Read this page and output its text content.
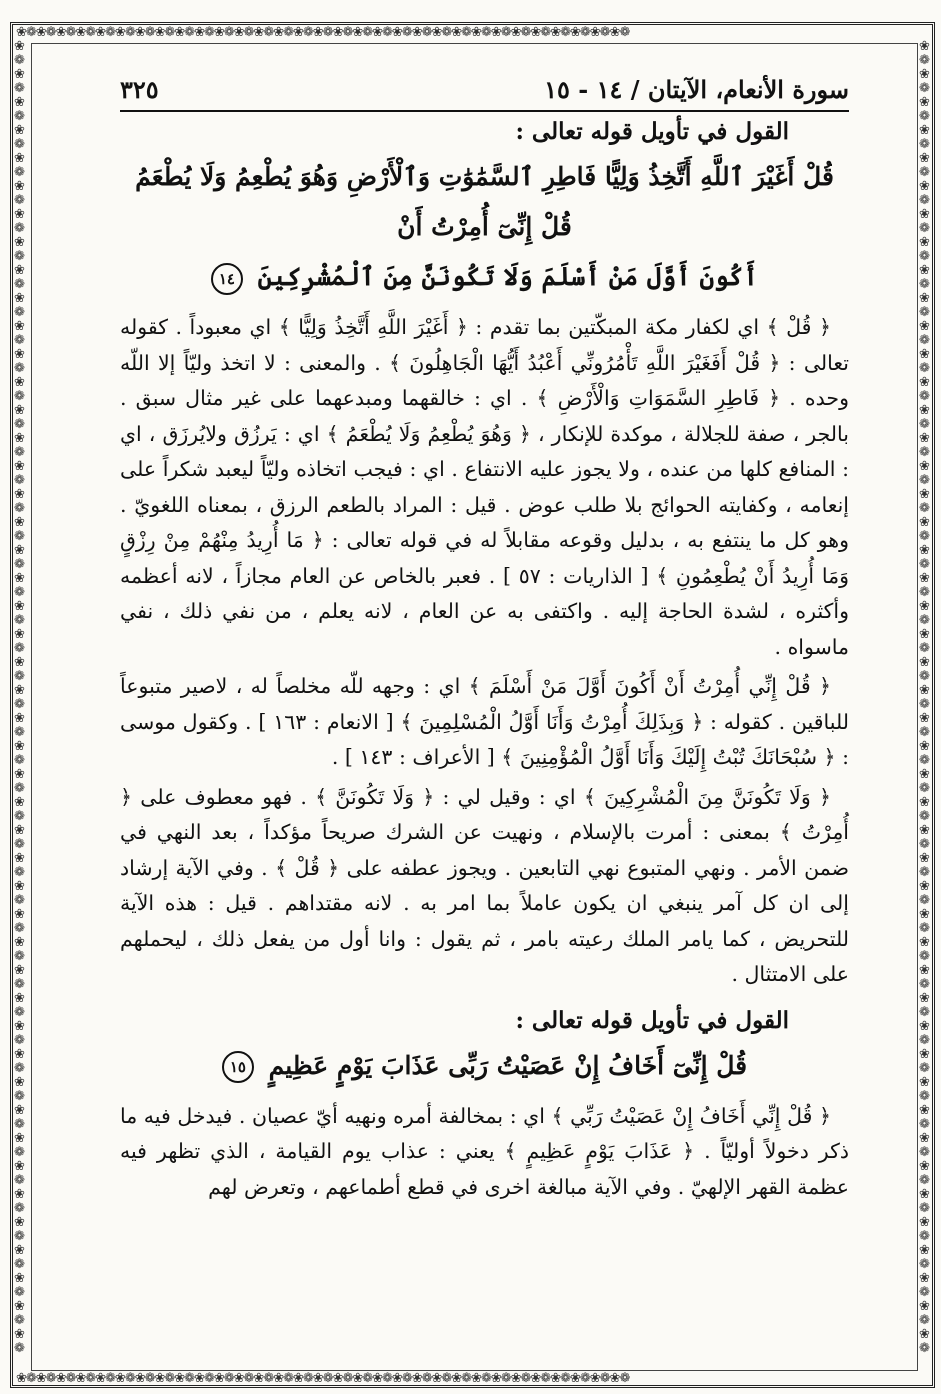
❀❁❀❁❀❁❀❁❀❁❀❁❀❁❀❁❀❁❀❁❀❁❀❁❀❁❀❁❀❁❀❁❀❁❀❁❀❁❀❁❀❁❀❁❀❁❀❁❀❁❀❁❀❁❀❁❀❁❀❁❀❁
❀❁❀❁❀❁❀❁❀❁❀❁❀❁❀❁❀❁❀❁❀❁❀❁❀❁❀❁❀❁❀❁❀❁❀❁❀❁❀❁❀❁❀❁❀❁❀❁❀❁❀❁❀❁❀❁❀❁❀❁❀❁
❀❁❀❁❀❁❀❁❀❁❀❁❀❁❀❁❀❁❀❁❀❁❀❁❀❁❀❁❀❁❀❁❀❁❀❁❀❁❀❁❀❁❀❁❀❁❀❁❀❁❀❁❀❁❀❁❀❁❀❁❀❁❀❁❀❁❀❁❀❁❀❁❀❁❀❁❀❁❀❁❀❁❀❁❀❁❀❁❀❁❀❁❀❁
❀❁❀❁❀❁❀❁❀❁❀❁❀❁❀❁❀❁❀❁❀❁❀❁❀❁❀❁❀❁❀❁❀❁❀❁❀❁❀❁❀❁❀❁❀❁❀❁❀❁❀❁❀❁❀❁❀❁❀❁❀❁❀❁❀❁❀❁❀❁❀❁❀❁❀❁❀❁❀❁❀❁❀❁❀❁❀❁❀❁❀❁❀❁
سورة الأنعام، الآيتان / ١٤ - ١٥
٣٢٥

القول في تأويل قوله تعالى :

قُلْ أَغَيْرَ ٱللَّهِ أَتَّخِذُ وَلِيًّا فَاطِرِ ٱلسَّمَٰوَٰتِ وَٱلْأَرْضِ وَهُوَ يُطْعِمُ وَلَا يُطْعَمُ قُلْ إِنِّىٓ أُمِرْتُ أَنْ

أَكُونَ أَوَّلَ مَنْ أَسْلَمَ وَلَا تَكُونَنَّ مِنَ ٱلْمُشْرِكِينَ ١٤

﴿ قُلْ ﴾ اي لكفار مكة المبكّتين بما تقدم : ﴿ أَغَيْرَ اللَّهِ أَتَّخِذُ وَلِيًّا ﴾ اي معبوداً . كقوله تعالى : ﴿ قُلْ أَفَغَيْرَ اللَّهِ تَأْمُرُونِّي أَعْبُدُ أَيُّهَا الْجَاهِلُونَ ﴾ . والمعنى : لا اتخذ وليّاً إلا اللّه وحده . ﴿ فَاطِرِ السَّمَوَاتِ وَالْأَرْضِ ﴾ . اي : خالقهما ومبدعهما على غير مثال سبق . بالجر ، صفة للجلالة ، موكدة للإنكار ، ﴿ وَهُوَ يُطْعِمُ وَلَا يُطْعَمُ ﴾ اي : يَرزُق ولايُرزَق ، اي : المنافع كلها من عنده ، ولا يجوز عليه الانتفاع . اي : فيجب اتخاذه وليّاً ليعبد شكراً على إنعامه ، وكفايته الحوائج بلا طلب عوض . قيل : المراد بالطعم الرزق ، بمعناه اللغويّ . وهو كل ما ينتفع به ، بدليل وقوعه مقابلاً له في قوله تعالى : ﴿ مَا أُرِيدُ مِنْهُمْ مِنْ رِزْقٍ وَمَا أُرِيدُ أَنْ يُطْعِمُونِ ﴾ [ الذاريات : ٥٧ ] . فعبر بالخاص عن العام مجازاً ، لانه أعظمه وأكثره ، لشدة الحاجة إليه . واكتفى به عن العام ، لانه يعلم ، من نفي ذلك ، نفي ماسواه .

﴿ قُلْ إِنِّي أُمِرْتُ أَنْ أَكُونَ أَوَّلَ مَنْ أَسْلَمَ ﴾ اي : وجهه للّه مخلصاً له ، لاصير متبوعاً للباقين . كقوله : ﴿ وَبِذَلِكَ أُمِرْتُ وَأَنَا أَوَّلُ الْمُسْلِمِينَ ﴾ [ الانعام : ١٦٣ ] . وكقول موسى : ﴿ سُبْحَانَكَ تُبْتُ إِلَيْكَ وَأَنَا أَوَّلُ الْمُؤْمِنِينَ ﴾ [ الأعراف : ١٤٣ ] .

﴿ وَلَا تَكُونَنَّ مِنَ الْمُشْرِكِينَ ﴾ اي : وقيل لي : ﴿ وَلَا تَكُونَنَّ ﴾ . فهو معطوف على ﴿ أُمِرْتُ ﴾ بمعنى : أمرت بالإسلام ، ونهيت عن الشرك صريحاً مؤكداً ، بعد النهي في ضمن الأمر . ونهي المتبوع نهي التابعين . ويجوز عطفه على ﴿ قُلْ ﴾ . وفي الآية إرشاد إلى ان كل آمر ينبغي ان يكون عاملاً بما امر به . لانه مقتداهم . قيل : هذه الآية للتحريض ، كما يامر الملك رعيته بامر ، ثم يقول : وانا أول من يفعل ذلك ، ليحملهم على الامتثال .

القول في تأويل قوله تعالى :

قُلْ إِنِّىٓ أَخَافُ إِنْ عَصَيْتُ رَبِّى عَذَابَ يَوْمٍ عَظِيمٍ ١٥

﴿ قُلْ إِنِّي أَخَافُ إِنْ عَصَيْتُ رَبِّي ﴾ اي : بمخالفة أمره ونهيه أيّ عصيان . فيدخل فيه ما ذكر دخولاً أوليّاً . ﴿ عَذَابَ يَوْمٍ عَظِيمٍ ﴾ يعني : عذاب يوم القيامة ، الذي تظهر فيه عظمة القهر الإلهيّ . وفي الآية مبالغة اخرى في قطع أطماعهم ، وتعرض لهم
